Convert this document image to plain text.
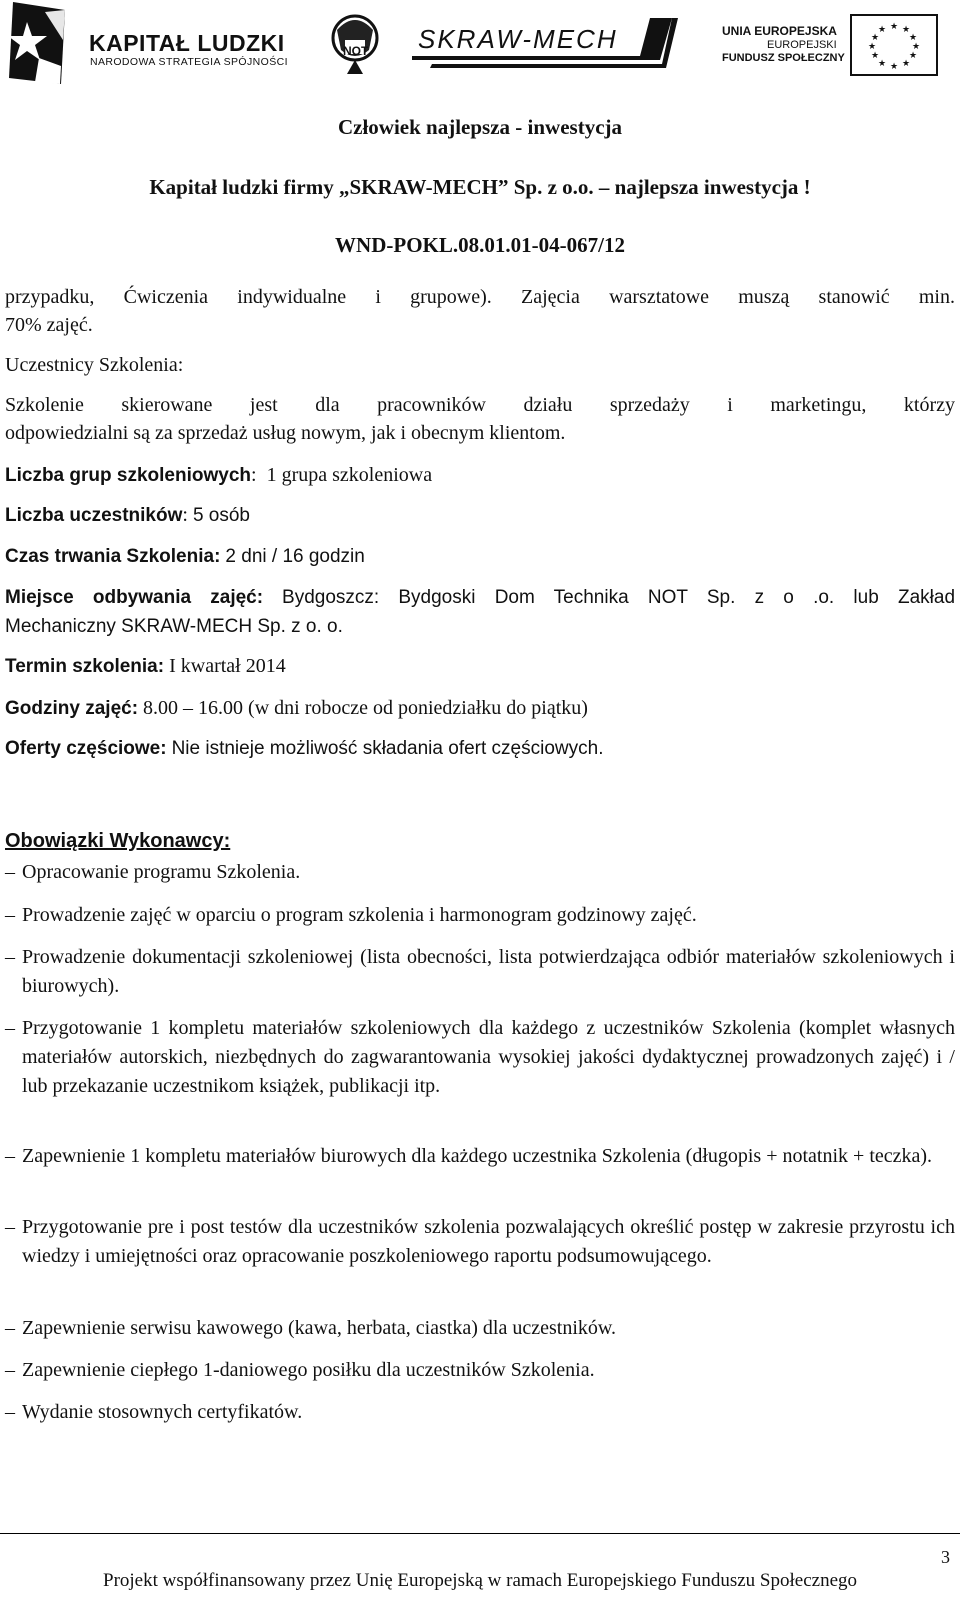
KAPITAŁ LUDZKI
NARODOWA STRATEGIA SPÓJNOŚCI
NOT SKRAW-MECH	UNIA EUROPEJSKA
EUROPEJSKI
FUNDUSZ SPOŁECZNY
★ ★
★
★
★
★
★
★
★
★
★
★
Człowiek najlepsza - inwestycja
Kapitał ludzki firmy „SKRAW-MECH” Sp. z o.o. – najlepsza inwestycja !
WND-POKL.08.01.01-04-067/12
przypadku, Ćwiczenia indywidualne i grupowe). Zajęcia warsztatowe muszą stanowić min.
70% zajęć.
Uczestnicy Szkolenia:
Szkolenie skierowane jest dla pracowników działu sprzedaży i marketingu, którzy
odpowiedzialni są za sprzedaż usług nowym, jak i obecnym klientom.
Liczba grup szkoleniowych: 1 grupa szkoleniowa
Liczba uczestników: 5 osób
Czas trwania Szkolenia: 2 dni / 16 godzin
Miejsce odbywania zajęć: Bydgoszcz: Bydgoski Dom Technika NOT Sp. z o .o. lub Zakład
Mechaniczny SKRAW-MECH Sp. z o. o.
Termin szkolenia: I kwartał 2014
Godziny zajęć: 8.00 – 16.00 (w dni robocze od poniedziałku do piątku)
Oferty częściowe: Nie istnieje możliwość składania ofert częściowych.
Obowiązki Wykonawcy:
– Opracowanie programu Szkolenia.
– Prowadzenie zajęć w oparciu o program szkolenia i harmonogram godzinowy zajęć.
– Prowadzenie dokumentacji szkoleniowej (lista obecności, lista potwierdzająca odbiór materiałów szkoleniowych i biurowych).
– Przygotowanie 1 kompletu materiałów szkoleniowych dla każdego z uczestników Szkolenia (komplet własnych materiałów autorskich, niezbędnych do zagwarantowania wysokiej jakości dydaktycznej prowadzonych zajęć) i / lub przekazanie uczestnikom książek, publikacji itp.
– Zapewnienie 1 kompletu materiałów biurowych dla każdego uczestnika Szkolenia (długopis + notatnik + teczka).
– Przygotowanie pre i post testów dla uczestników szkolenia pozwalających określić postęp w zakresie przyrostu ich wiedzy i umiejętności oraz opracowanie poszkoleniowego raportu podsumowującego.
– Zapewnienie serwisu kawowego (kawa, herbata, ciastka) dla uczestników.
– Zapewnienie ciepłego 1-daniowego posiłku dla uczestników Szkolenia.
– Wydanie stosownych certyfikatów.
3
Projekt współfinansowany przez Unię Europejską w ramach Europejskiego Funduszu Społecznego
